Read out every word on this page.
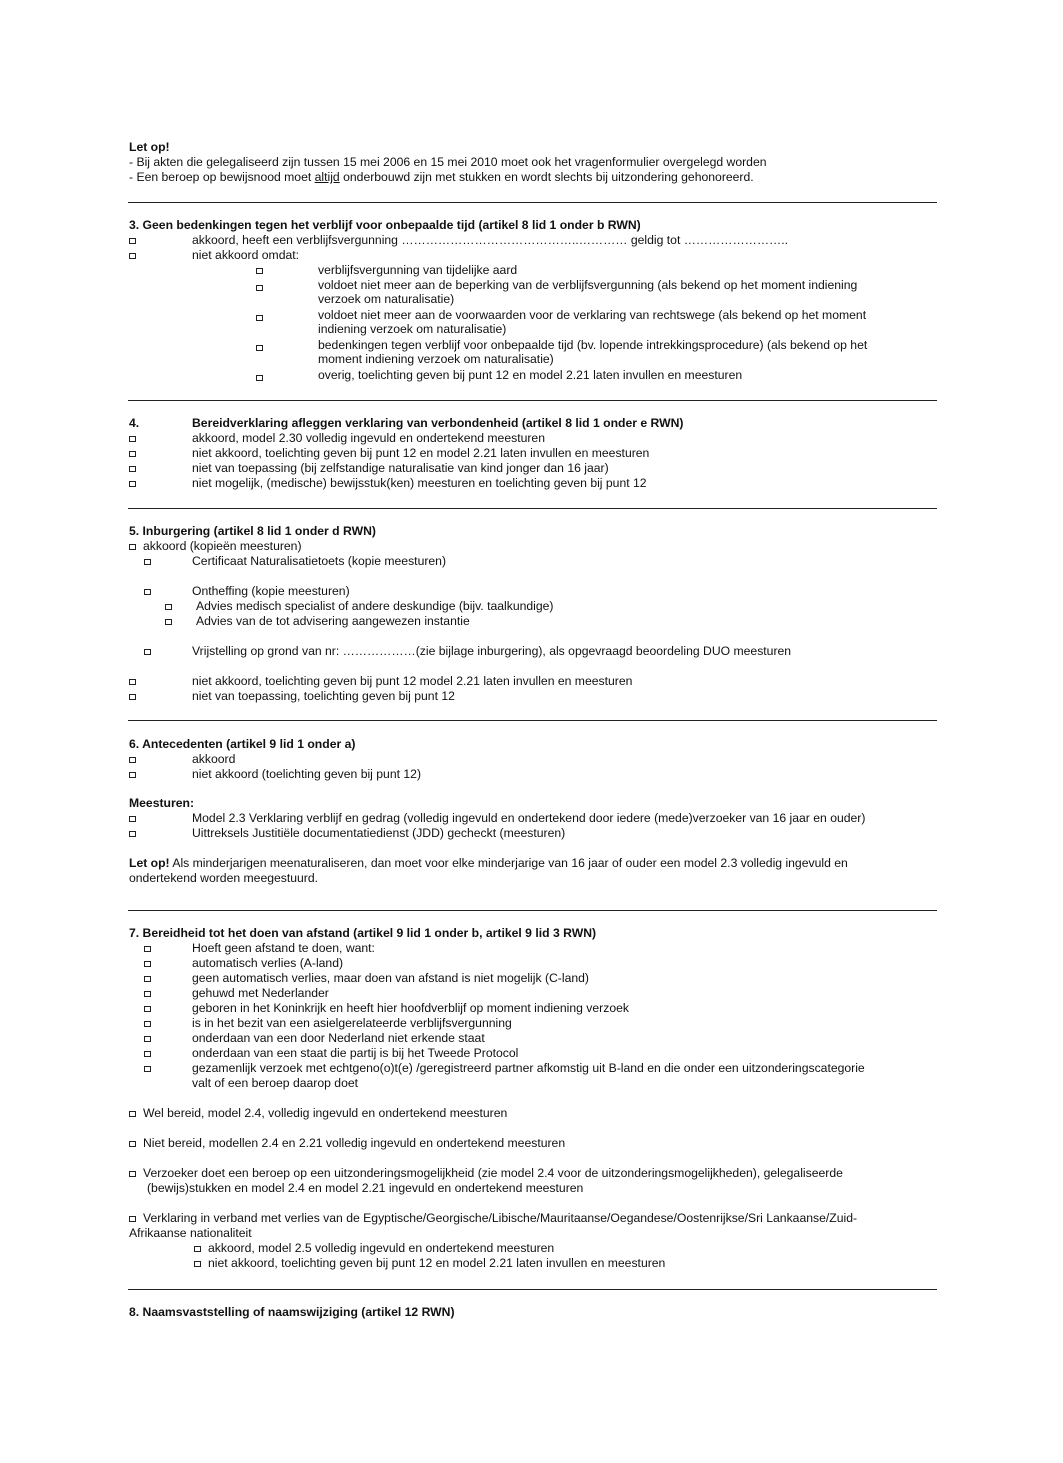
Let op!
- Bij akten die gelegaliseerd zijn tussen 15 mei 2006 en 15 mei 2010 moet ook het vragenformulier overgelegd worden
- Een beroep op bewijsnood moet altijd onderbouwd zijn met stukken en wordt slechts bij uitzondering gehonoreerd.
3. Geen bedenkingen tegen het verblijf voor onbepaalde tijd (artikel 8 lid 1 onder b RWN)
akkoord, heeft een verblijfsvergunning ……………………………………..………… geldig tot ……………………..
niet akkoord omdat:
verblijfsvergunning van tijdelijke aard
voldoet niet meer aan de beperking van de verblijfsvergunning (als bekend op het moment indiening
verzoek om naturalisatie)
voldoet niet meer aan de voorwaarden voor de verklaring van rechtswege (als bekend op het moment
indiening verzoek om naturalisatie)
bedenkingen tegen verblijf voor onbepaalde tijd (bv. lopende intrekkingsprocedure) (als bekend op het
moment indiening verzoek om naturalisatie)
overig, toelichting geven bij punt 12 en model 2.21 laten invullen en meesturen
4.	Bereidverklaring afleggen verklaring van verbondenheid (artikel 8 lid 1 onder e RWN)
akkoord, model 2.30 volledig ingevuld en ondertekend meesturen
niet akkoord, toelichting geven bij punt 12 en model 2.21 laten invullen en meesturen
niet van toepassing (bij zelfstandige naturalisatie van kind jonger dan 16 jaar)
niet mogelijk, (medische) bewijsstuk(ken) meesturen en toelichting geven bij punt 12
5. Inburgering (artikel 8 lid 1 onder d RWN)
akkoord (kopieën meesturen)
Certificaat Naturalisatietoets (kopie meesturen)
Ontheffing (kopie meesturen)
Advies medisch specialist of andere deskundige (bijv. taalkundige)
Advies van de tot advisering aangewezen instantie
Vrijstelling op grond van nr: ………………(zie bijlage inburgering), als opgevraagd beoordeling DUO meesturen
niet akkoord, toelichting geven bij punt 12 model 2.21 laten invullen en meesturen
niet van toepassing, toelichting geven bij punt 12
6. Antecedenten (artikel 9 lid 1 onder a)
akkoord
niet akkoord (toelichting geven bij punt 12)
Meesturen:
Model 2.3 Verklaring verblijf en gedrag (volledig ingevuld en ondertekend door iedere (mede)verzoeker van 16 jaar en ouder)
Uittreksels Justitiële documentatiedienst (JDD) gecheckt (meesturen)
Let op! Als minderjarigen meenaturaliseren, dan moet voor elke minderjarige van 16 jaar of ouder een model 2.3 volledig ingevuld en
ondertekend worden meegestuurd.
7. Bereidheid tot het doen van afstand (artikel 9 lid 1 onder b, artikel 9 lid 3 RWN)
Hoeft geen afstand te doen, want:
automatisch verlies (A-land)
geen automatisch verlies, maar doen van afstand is niet mogelijk (C-land)
gehuwd met Nederlander
geboren in het Koninkrijk en heeft hier hoofdverblijf op moment indiening verzoek
is in het bezit van een asielgerelateerde verblijfsvergunning
onderdaan van een door Nederland niet erkende staat
onderdaan van een staat die partij is bij het Tweede Protocol
gezamenlijk verzoek met echtgeno(o)t(e) /geregistreerd partner afkomstig uit B-land en die onder een uitzonderingscategorie
valt of een beroep daarop doet
Wel bereid, model 2.4, volledig ingevuld en ondertekend meesturen
Niet bereid, modellen 2.4 en 2.21 volledig ingevuld en ondertekend meesturen
Verzoeker doet een beroep op een uitzonderingsmogelijkheid (zie model 2.4 voor de uitzonderingsmogelijkheden), gelegaliseerde
(bewijs)stukken en model 2.4 en model 2.21 ingevuld en ondertekend meesturen
Verklaring in verband met verlies van de Egyptische/Georgische/Libische/Mauritaanse/Oegandese/Oostenrijkse/Sri Lankaanse/Zuid-
Afrikaanse nationaliteit
akkoord, model 2.5 volledig ingevuld en ondertekend meesturen
niet akkoord, toelichting geven bij punt 12 en model 2.21 laten invullen en meesturen
8. Naamsvaststelling of naamswijziging (artikel 12 RWN)
